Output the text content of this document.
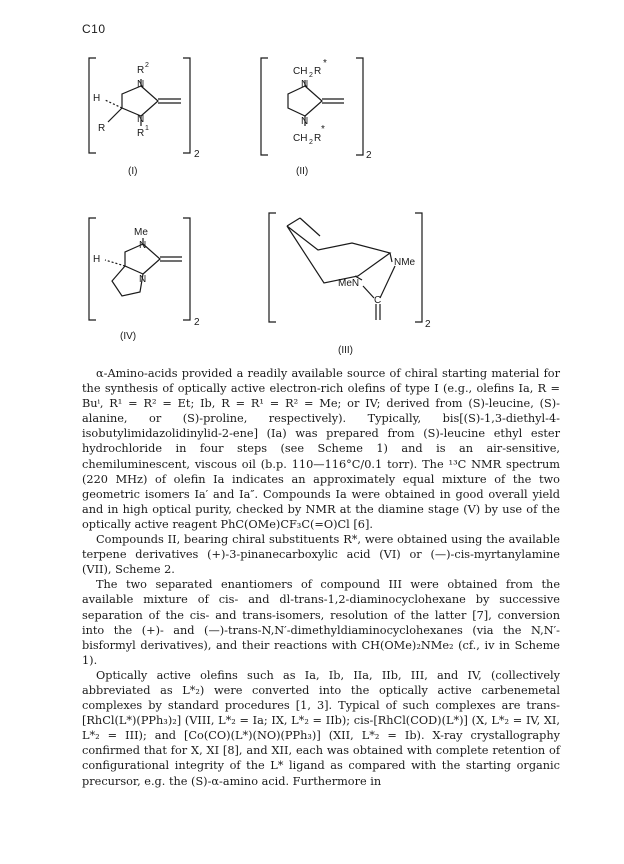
C10
R 2
N
H
N
R	R 1
2
(I)
CH 2 R
*
N
N
*
CH 2 R
2
(II)
Me
N
H
N
2
(IV)
NMe
MeN
C
2
(III)

α-Amino-acids provided a readily available source of chiral starting material for the synthesis of optically active electron-rich olefins of type I (e.g., olefins Ia, R = Buⁱ, R¹ = R² = Et; Ib, R = R¹ = R² = Me; or IV; derived from (S)-leucine, (S)-alanine, or (S)-proline, respectively). Typically, bis[(S)-1,3-diethyl-4-isobutylimidazolidinylid-2-ene] (Ia) was prepared from (S)-leucine ethyl ester hydrochloride in four steps (see Scheme 1) and is an air-sensitive, chemiluminescent, viscous oil (b.p. 110—116°C/0.1 torr). The ¹³C NMR spectrum (220 MHz) of olefin Ia indicates an approximately equal mixture of the two geometric isomers Ia′ and Ia″. Compounds Ia were obtained in good overall yield and in high optical purity, checked by NMR at the diamine stage (V) by use of the optically active reagent PhC(OMe)CF₃C(=O)Cl [6].

Compounds II, bearing chiral substituents R*, were obtained using the available terpene derivatives (+)-3-pinanecarboxylic acid (VI) or (—)-cis-myrtanylamine (VII), Scheme 2.

The two separated enantiomers of compound III were obtained from the available mixture of cis- and dl-trans-1,2-diaminocyclohexane by successive separation of the cis- and trans-isomers, resolution of the latter [7], conversion into the (+)- and (—)-trans-N,N′-dimethyldiaminocyclohexanes (via the N,N′-bisformyl derivatives), and their reactions with CH(OMe)₂NMe₂ (cf., iv in Scheme 1).

Optically active olefins such as Ia, Ib, IIa, IIb, III, and IV, (collectively abbreviated as L*₂) were converted into the optically active carbenemetal complexes by standard procedures [1, 3]. Typical of such complexes are trans-[RhCl(L*)(PPh₃)₂] (VIII, L*₂ = Ia; IX, L*₂ = IIb); cis-[RhCl(COD)(L*)] (X, L*₂ = IV, XI, L*₂ = III); and [Co(CO)(L*)(NO)(PPh₃)] (XII, L*₂ = Ib). X-ray crystallography confirmed that for X, XI [8], and XII, each was obtained with complete retention of configurational integrity of the L* ligand as compared with the starting organic precursor, e.g. the (S)-α-amino acid. Furthermore in
